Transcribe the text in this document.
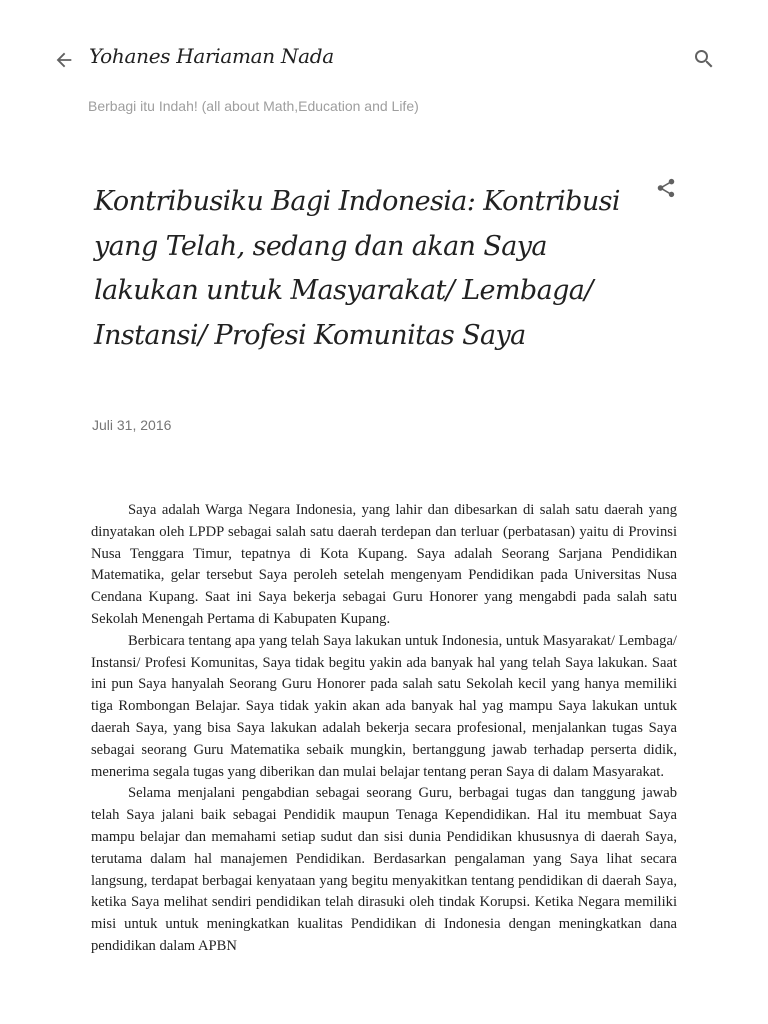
Yohanes Hariaman Nada
Berbagi itu Indah! (all about Math,Education and Life)
Kontribusiku Bagi Indonesia: Kontribusi yang Telah, sedang dan akan Saya lakukan untuk Masyarakat/ Lembaga/ Instansi/ Profesi Komunitas Saya
Juli 31, 2016

Saya adalah Warga Negara Indonesia, yang lahir dan dibesarkan di salah satu daerah yang dinyatakan oleh LPDP sebagai salah satu daerah terdepan dan terluar (perbatasan) yaitu di Provinsi Nusa Tenggara Timur, tepatnya di Kota Kupang. Saya adalah Seorang Sarjana Pendidikan Matematika, gelar tersebut Saya peroleh setelah mengenyam Pendidikan pada Universitas Nusa Cendana Kupang. Saat ini Saya bekerja sebagai Guru Honorer yang mengabdi pada salah satu Sekolah Menengah Pertama di Kabupaten Kupang.

Berbicara tentang apa yang telah Saya lakukan untuk Indonesia, untuk Masyarakat/ Lembaga/ Instansi/ Profesi Komunitas, Saya tidak begitu yakin ada banyak hal yang telah Saya lakukan. Saat ini pun Saya hanyalah Seorang Guru Honorer pada salah satu Sekolah kecil yang hanya memiliki tiga Rombongan Belajar. Saya tidak yakin akan ada banyak hal yag mampu Saya lakukan untuk daerah Saya, yang bisa Saya lakukan adalah bekerja secara profesional, menjalankan tugas Saya sebagai seorang Guru Matematika sebaik mungkin, bertanggung jawab terhadap perserta didik, menerima segala tugas yang diberikan dan mulai belajar tentang peran Saya di dalam Masyarakat.

Selama menjalani pengabdian sebagai seorang Guru, berbagai tugas dan tanggung jawab telah Saya jalani baik sebagai Pendidik maupun Tenaga Kependidikan. Hal itu membuat Saya mampu belajar dan memahami setiap sudut dan sisi dunia Pendidikan khususnya di daerah Saya, terutama dalam hal manajemen Pendidikan. Berdasarkan pengalaman yang Saya lihat secara langsung, terdapat berbagai kenyataan yang begitu menyakitkan tentang pendidikan di daerah Saya, ketika Saya melihat sendiri pendidikan telah dirasuki oleh tindak Korupsi. Ketika Negara memiliki misi untuk untuk meningkatkan kualitas Pendidikan di Indonesia dengan meningkatkan dana pendidikan dalam APBN
